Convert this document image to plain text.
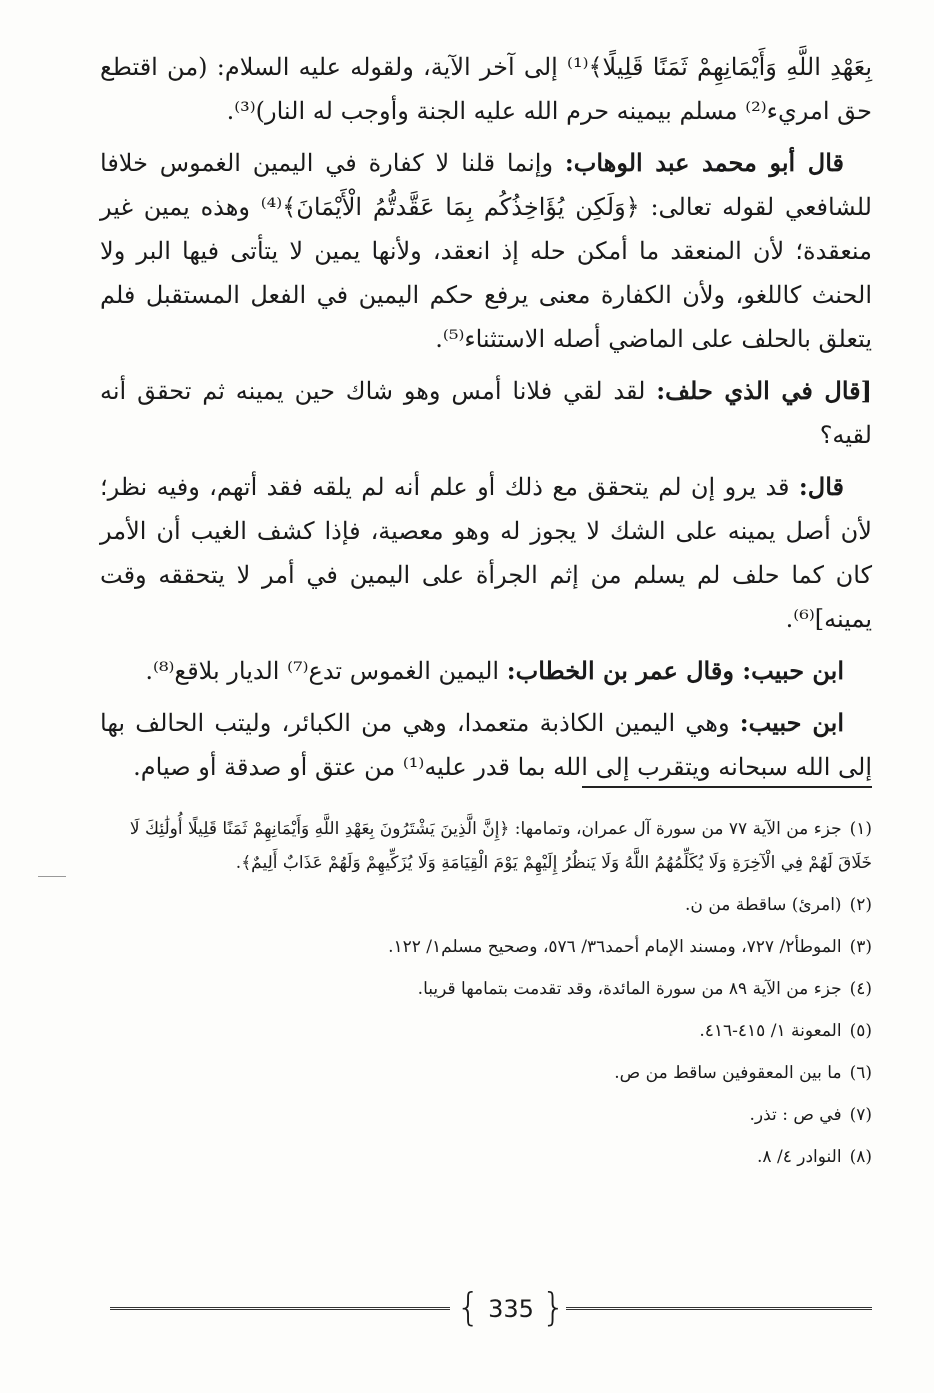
بِعَهْدِ اللَّهِ وَأَيْمَانِهِمْ ثَمَنًا قَلِيلًا﴾⁽¹⁾ إلى آخر الآية، ولقوله عليه السلام: (من اقتطع حق امريء⁽²⁾ مسلم بيمينه حرم الله عليه الجنة وأوجب له النار)⁽³⁾.

قال أبو محمد عبد الوهاب: وإنما قلنا لا كفارة في اليمين الغموس خلافا للشافعي لقوله تعالى: ﴿وَلَكِن يُؤَاخِذُكُم بِمَا عَقَّدتُّمُ الْأَيْمَانَ﴾⁽⁴⁾ وهذه يمين غير منعقدة؛ لأن المنعقد ما أمكن حله إذ انعقد، ولأنها يمين لا يتأتى فيها البر ولا الحنث كاللغو، ولأن الكفارة معنى يرفع حكم اليمين في الفعل المستقبل فلم يتعلق بالحلف على الماضي أصله الاستثناء⁽⁵⁾.

[قال في الذي حلف: لقد لقي فلانا أمس وهو شاك حين يمينه ثم تحقق أنه لقيه؟

قال: قد يرو إن لم يتحقق مع ذلك أو علم أنه لم يلقه فقد أتهم، وفيه نظر؛ لأن أصل يمينه على الشك لا يجوز له وهو معصية، فإذا كشف الغيب أن الأمر كان كما حلف لم يسلم من إثم الجرأة على اليمين في أمر لا يتحققه وقت يمينه]⁽⁶⁾.

ابن حبيب: وقال عمر بن الخطاب: اليمين الغموس تدع⁽⁷⁾ الديار بلاقع⁽⁸⁾.

ابن حبيب: وهي اليمين الكاذبة متعمدا، وهي من الكبائر، وليتب الحالف بها إلى الله سبحانه ويتقرب إلى الله بما قدر عليه⁽¹⁾ من عتق أو صدقة أو صيام.

(١)جزء من الآية ٧٧ من سورة آل عمران، وتمامها: ﴿إِنَّ الَّذِينَ يَشْتَرُونَ بِعَهْدِ اللَّهِ وَأَيْمَانِهِمْ ثَمَنًا قَلِيلًا أُولَٰئِكَ لَا خَلَاقَ لَهُمْ فِي الْآخِرَةِ وَلَا يُكَلِّمُهُمُ اللَّهُ وَلَا يَنظُرُ إِلَيْهِمْ يَوْمَ الْقِيَامَةِ وَلَا يُزَكِّيهِمْ وَلَهُمْ عَذَابٌ أَلِيمٌ﴾.

(٢)(امرئ) ساقطة من ن.

(٣)الموطأ٢/ ٧٢٧، ومسند الإمام أحمد٣٦/ ٥٧٦، وصحيح مسلم١/ ١٢٢.

(٤)جزء من الآية ٨٩ من سورة المائدة، وقد تقدمت بتمامها قريبا.

(٥)المعونة ١/ ٤١٥-٤١٦.

(٦)ما بين المعقوفين ساقط من ص.

(٧)في ص : تذر.

(٨)النوادر ٤/ ٨.

{ 335 }
